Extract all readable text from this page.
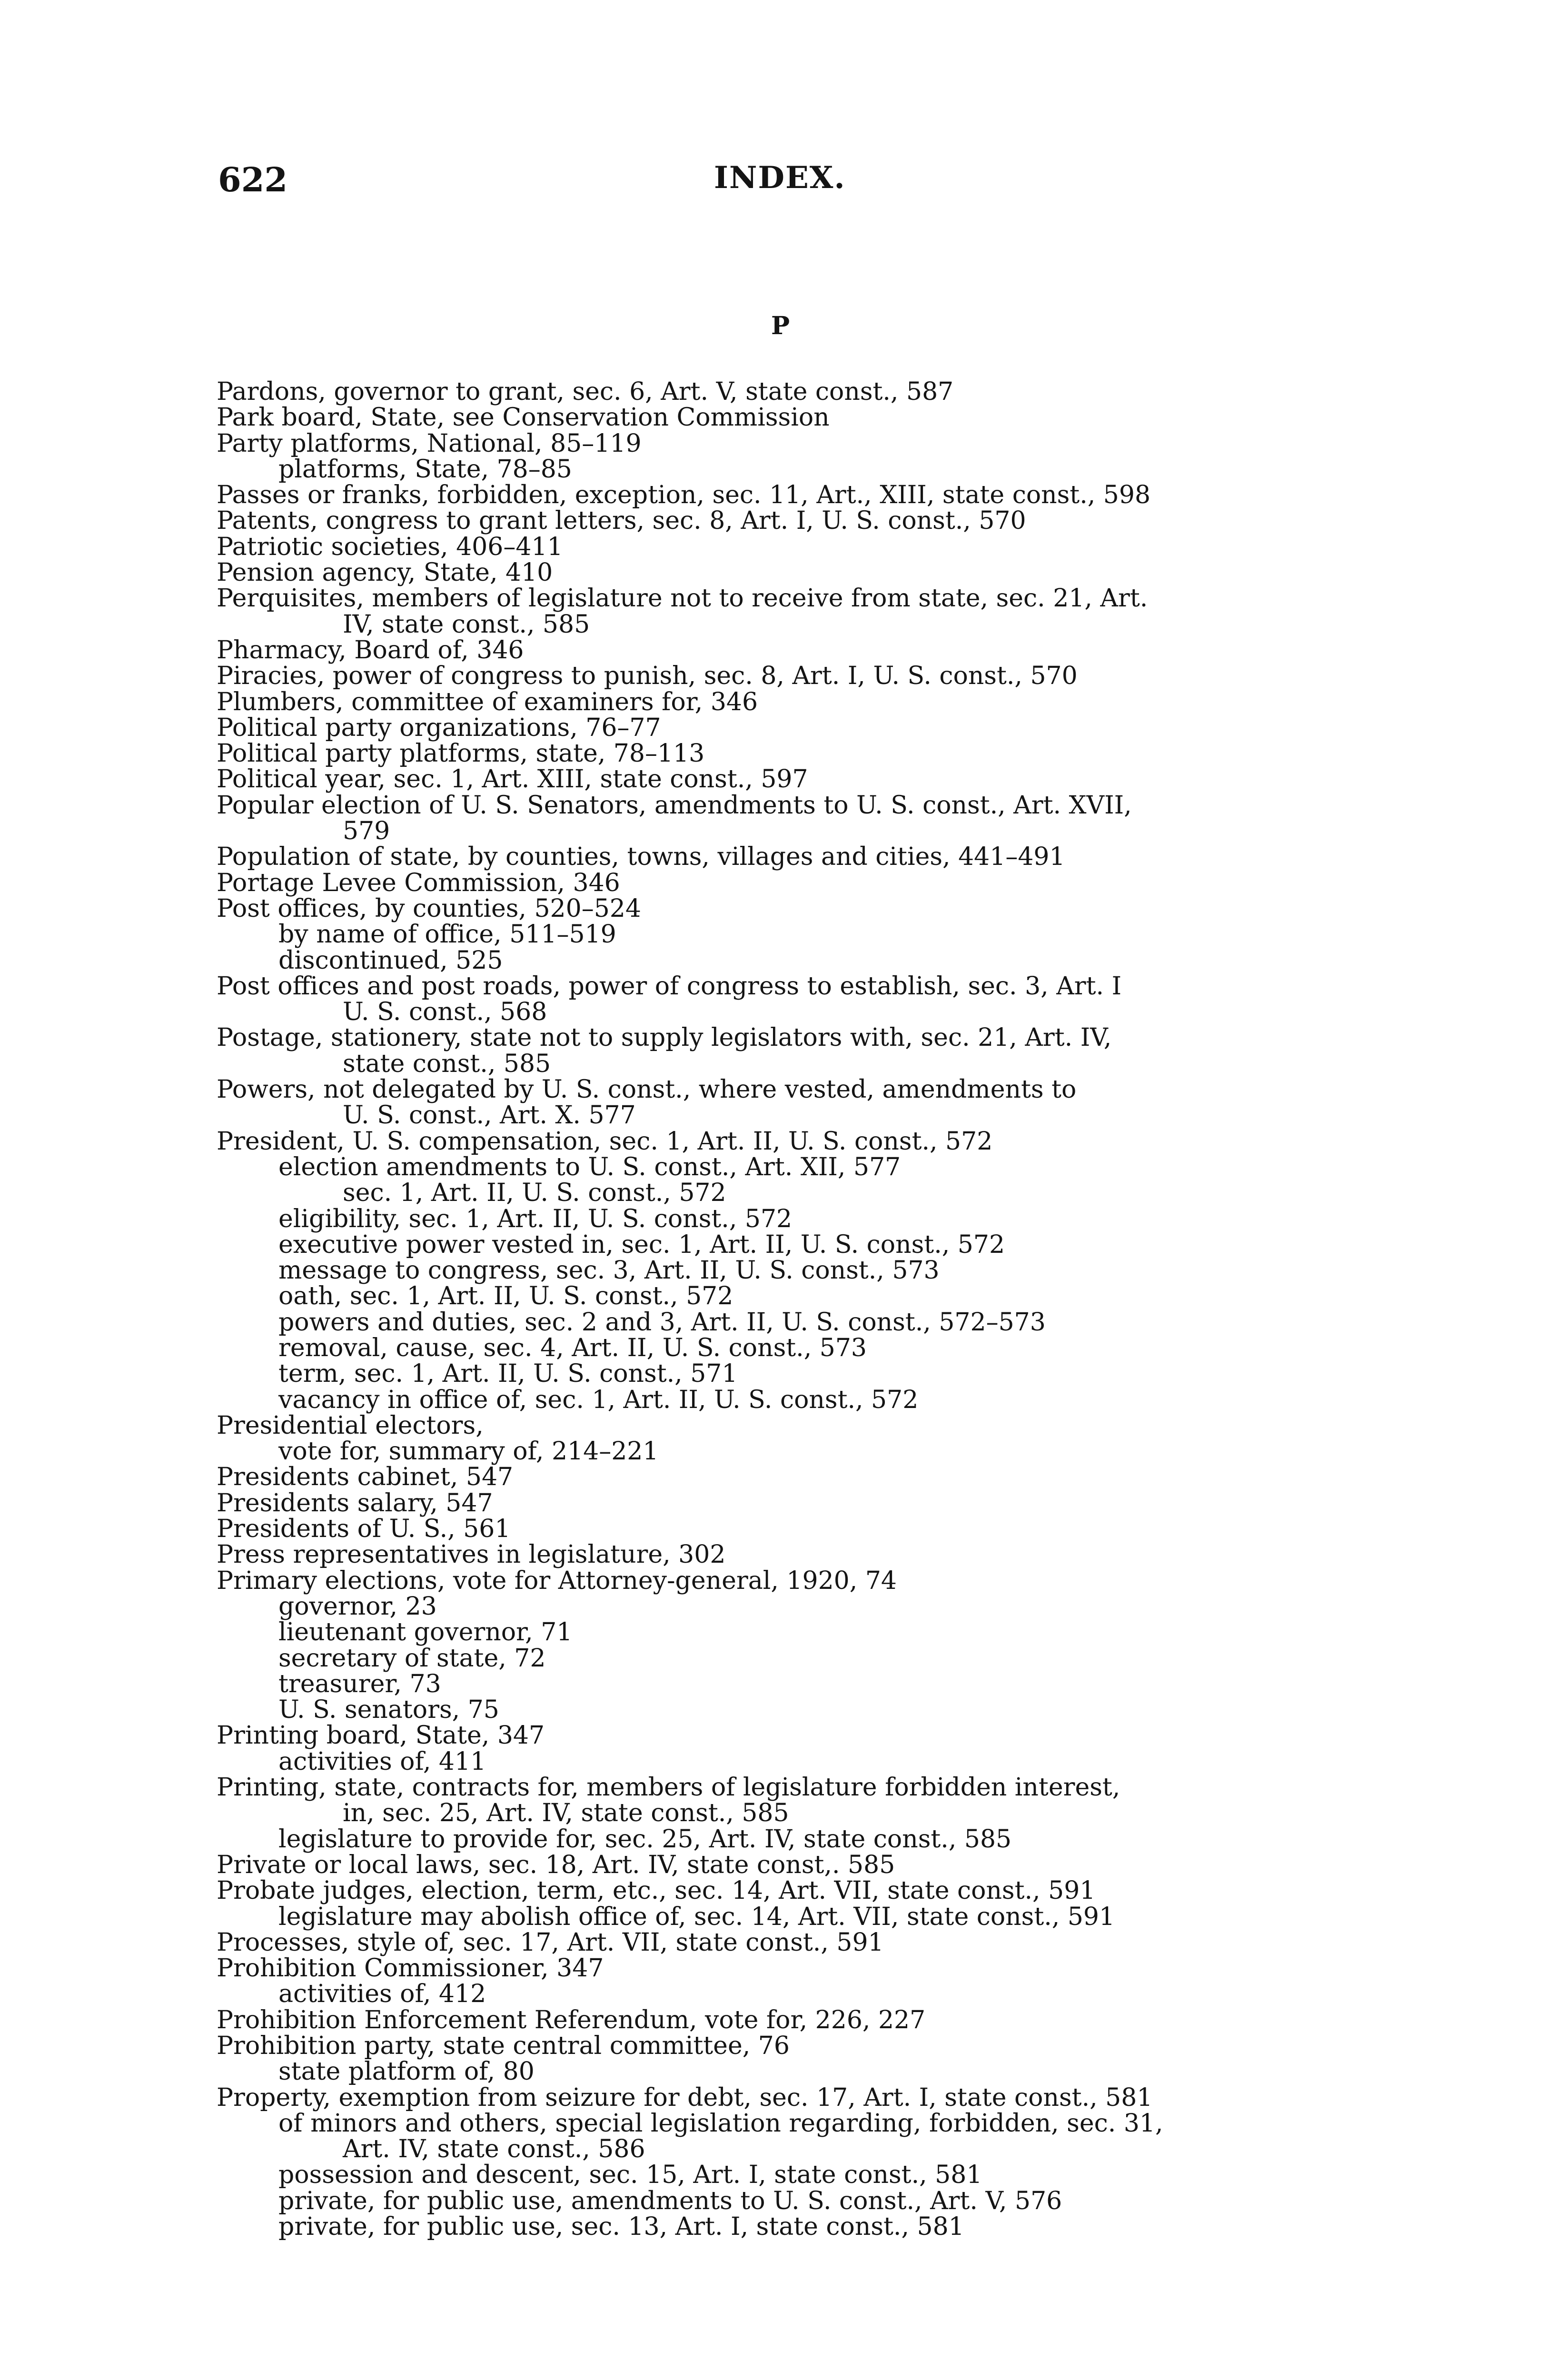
622	INDEX.
P
Pardons, governor to grant, sec. 6, Art. V, state const., 587
Park board, State, see Conservation Commission
Party platforms, National, 85–119
platforms, State, 78–85
Passes or franks, forbidden, exception, sec. 11, Art., XIII, state const., 598
Patents, congress to grant letters, sec. 8, Art. I, U. S. const., 570
Patriotic societies, 406–411
Pension agency, State, 410
Perquisites, members of legislature not to receive from state, sec. 21, Art.
IV, state const., 585
Pharmacy, Board of, 346
Piracies, power of congress to punish, sec. 8, Art. I, U. S. const., 570
Plumbers, committee of examiners for, 346
Political party organizations, 76–77
Political party platforms, state, 78–113
Political year, sec. 1, Art. XIII, state const., 597
Popular election of U. S. Senators, amendments to U. S. const., Art. XVII,
579
Population of state, by counties, towns, villages and cities, 441–491
Portage Levee Commission, 346
Post offices, by counties, 520–524
by name of office, 511–519
discontinued, 525
Post offices and post roads, power of congress to establish, sec. 3, Art. I
U. S. const., 568
Postage, stationery, state not to supply legislators with, sec. 21, Art. IV,
state const., 585
Powers, not delegated by U. S. const., where vested, amendments to
U. S. const., Art. X. 577
President, U. S. compensation, sec. 1, Art. II, U. S. const., 572
election amendments to U. S. const., Art. XII, 577
sec. 1, Art. II, U. S. const., 572
eligibility, sec. 1, Art. II, U. S. const., 572
executive power vested in, sec. 1, Art. II, U. S. const., 572
message to congress, sec. 3, Art. II, U. S. const., 573
oath, sec. 1, Art. II, U. S. const., 572
powers and duties, sec. 2 and 3, Art. II, U. S. const., 572–573
removal, cause, sec. 4, Art. II, U. S. const., 573
term, sec. 1, Art. II, U. S. const., 571
vacancy in office of, sec. 1, Art. II, U. S. const., 572
Presidential electors,
vote for, summary of, 214–221
Presidents cabinet, 547
Presidents salary, 547
Presidents of U. S., 561
Press representatives in legislature, 302
Primary elections, vote for Attorney-general, 1920, 74
governor, 23
lieutenant governor, 71
secretary of state, 72
treasurer, 73
U. S. senators, 75
Printing board, State, 347
activities of, 411
Printing, state, contracts for, members of legislature forbidden interest,
in, sec. 25, Art. IV, state const., 585
legislature to provide for, sec. 25, Art. IV, state const., 585
Private or local laws, sec. 18, Art. IV, state const,. 585
Probate judges, election, term, etc., sec. 14, Art. VII, state const., 591
legislature may abolish office of, sec. 14, Art. VII, state const., 591
Processes, style of, sec. 17, Art. VII, state const., 591
Prohibition Commissioner, 347
activities of, 412
Prohibition Enforcement Referendum, vote for, 226, 227
Prohibition party, state central committee, 76
state platform of, 80
Property, exemption from seizure for debt, sec. 17, Art. I, state const., 581
of minors and others, special legislation regarding, forbidden, sec. 31,
Art. IV, state const., 586
possession and descent, sec. 15, Art. I, state const., 581
private, for public use, amendments to U. S. const., Art. V, 576
private, for public use, sec. 13, Art. I, state const., 581
